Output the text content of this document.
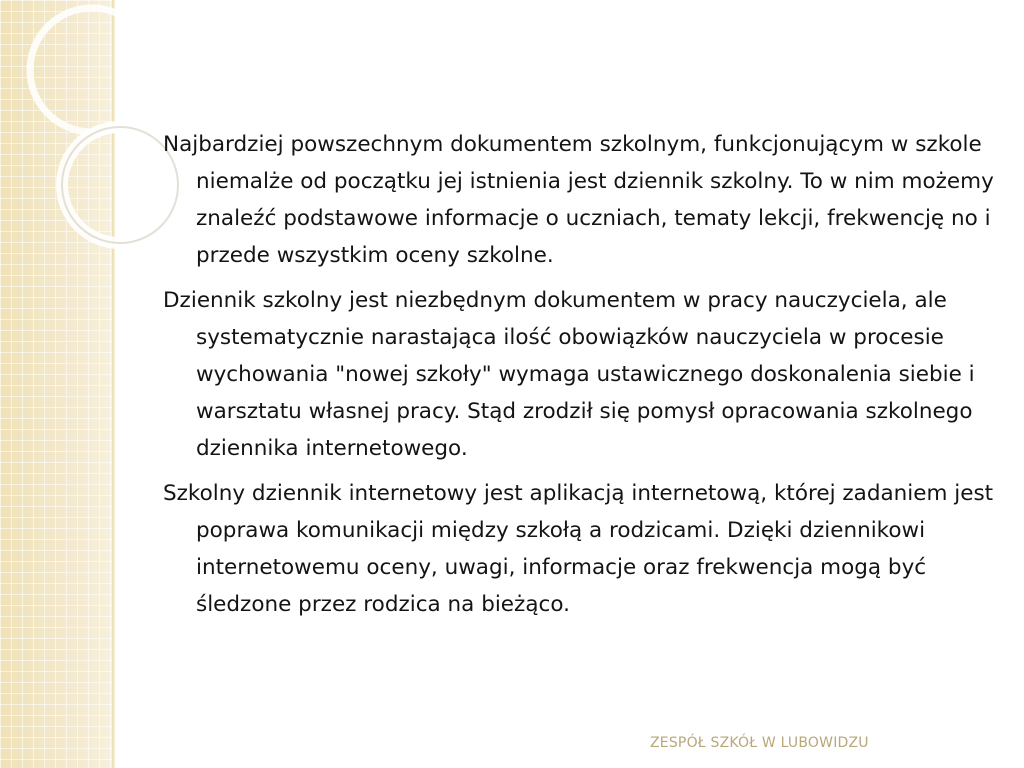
Najbardziej powszechnym dokumentem szkolnym, funkcjonującym w szkole niemalże od początku jej istnienia jest dziennik szkolny. To w nim możemy znaleźć podstawowe informacje o uczniach, tematy lekcji, frekwencję no i przede wszystkim oceny szkolne.

Dziennik szkolny jest niezbędnym dokumentem w pracy nauczyciela, ale systematycznie narastająca ilość obowiązków nauczyciela w procesie wychowania "nowej szkoły" wymaga ustawicznego doskonalenia siebie i warsztatu własnej pracy. Stąd zrodził się pomysł opracowania szkolnego dziennika internetowego.

Szkolny dziennik internetowy jest aplikacją internetową, której zadaniem jest poprawa komunikacji między szkołą a rodzicami. Dzięki dziennikowi internetowemu oceny, uwagi, informacje oraz frekwencja mogą być śledzone przez rodzica na bieżąco.

ZESPÓŁ SZKÓŁ W LUBOWIDZU
